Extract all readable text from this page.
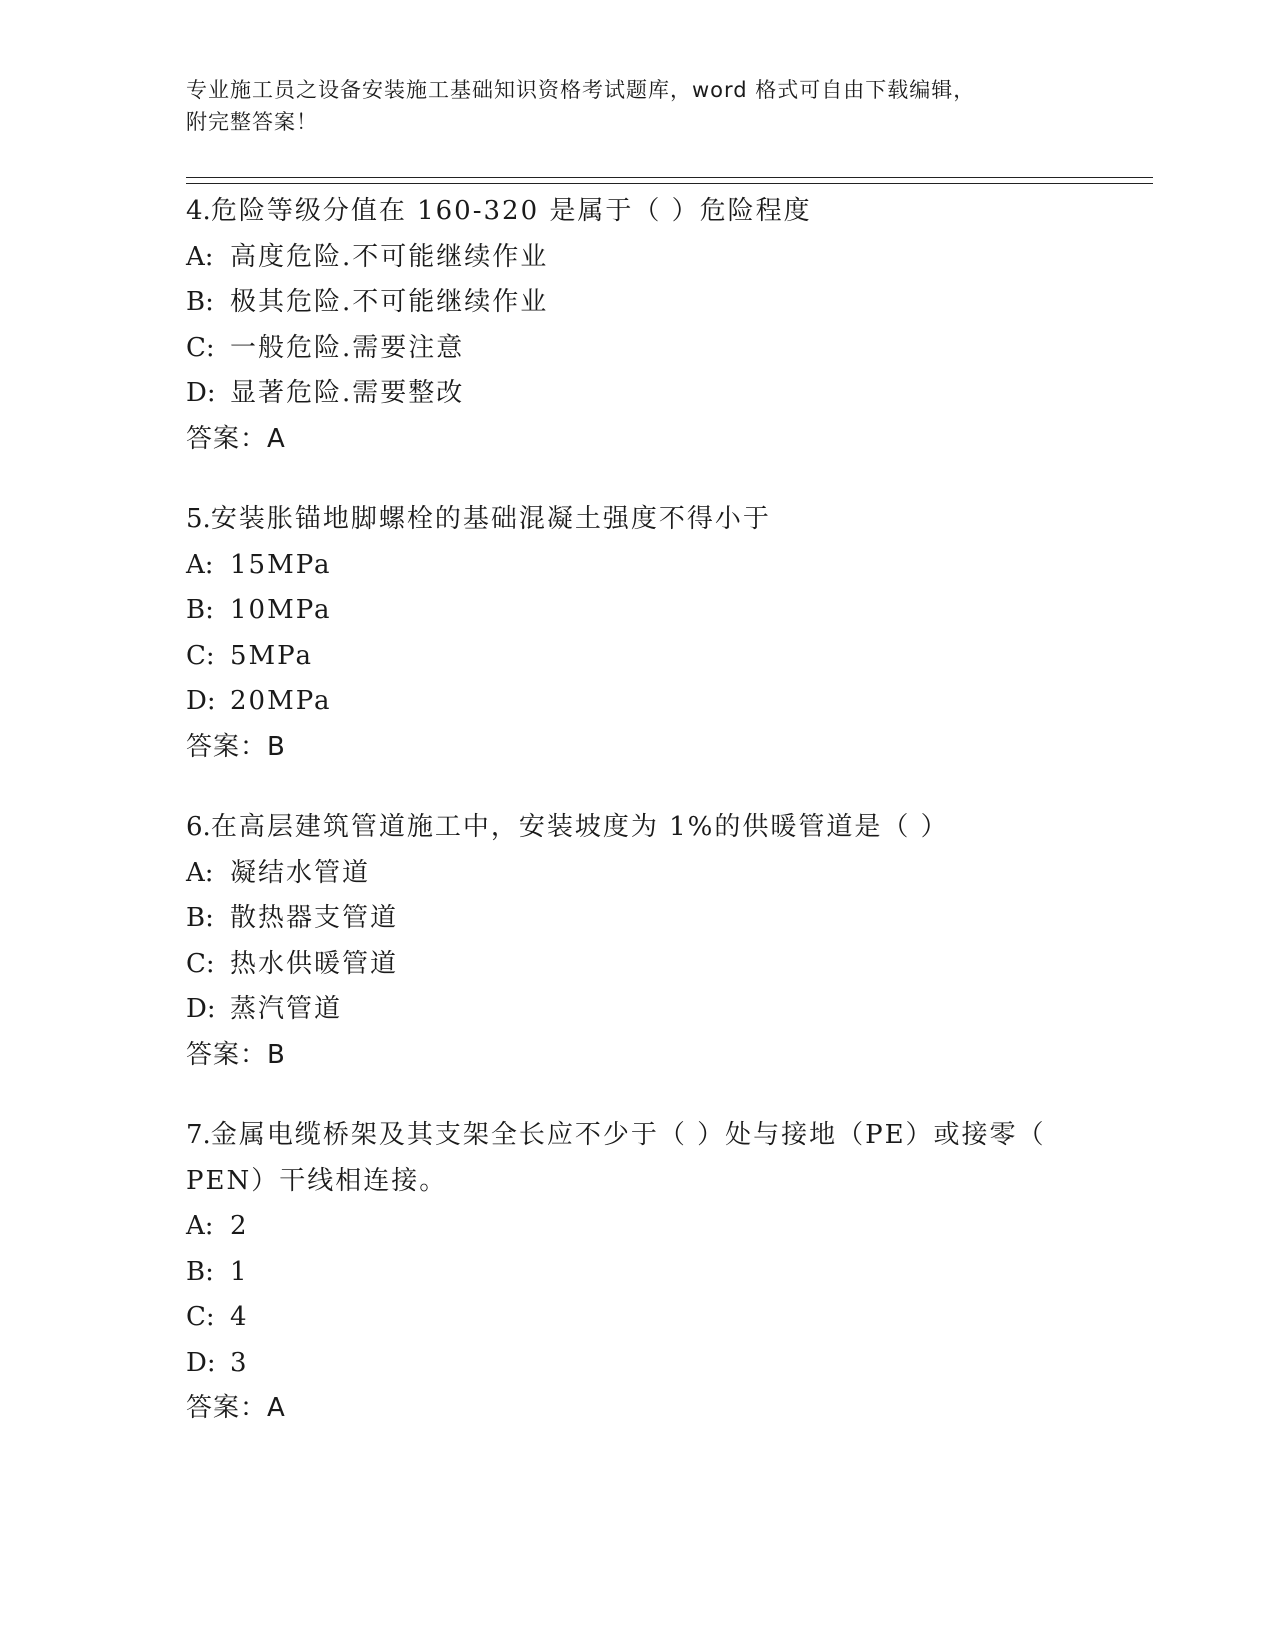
专业施工员之设备安装施工基础知识资格考试题库，word 格式可自由下载编辑，
附完整答案！
4.危险等级分值在 160-320 是属于（ ）危险程度
A: 高度危险.不可能继续作业
B: 极其危险.不可能继续作业
C: 一般危险.需要注意
D: 显著危险.需要整改
答案：A
5.安装胀锚地脚螺栓的基础混凝土强度不得小于
A: 15MPa
B: 10MPa
C: 5MPa
D: 20MPa
答案：B
6.在高层建筑管道施工中，安装坡度为 1%的供暖管道是（ ）
A: 凝结水管道
B: 散热器支管道
C: 热水供暖管道
D: 蒸汽管道
答案：B
7.金属电缆桥架及其支架全长应不少于（ ）处与接地（PE）或接零（
PEN）干线相连接。
A: 2
B: 1
C: 4
D: 3
答案：A
